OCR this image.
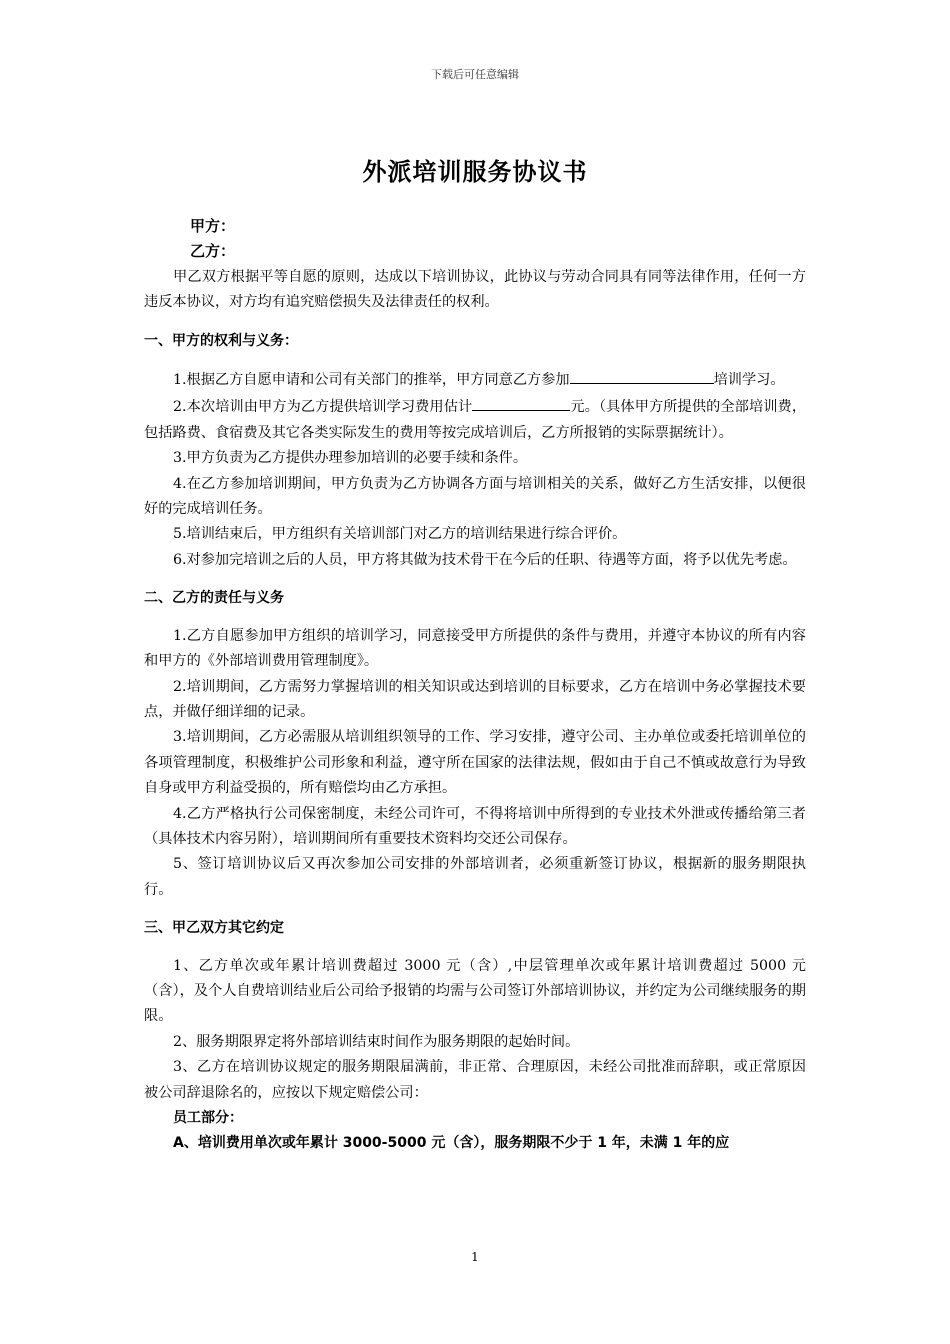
下载后可任意编辑
外派培训服务协议书
甲方：
乙方：

甲乙双方根据平等自愿的原则，达成以下培训协议，此协议与劳动合同具有同等法律作用，任何一方违反本协议，对方均有追究赔偿损失及法律责任的权利。

一、甲方的权利与义务：

1.根据乙方自愿申请和公司有关部门的推举，甲方同意乙方参加	培训学习。

2.本次培训由甲方为乙方提供培训学习费用估计	元。（具体甲方所提供的全部培训费，包括路费、食宿费及其它各类实际发生的费用等按完成培训后，乙方所报销的实际票据统计）。

3.甲方负责为乙方提供办理参加培训的必要手续和条件。

4.在乙方参加培训期间，甲方负责为乙方协调各方面与培训相关的关系，做好乙方生活安排，以便很好的完成培训任务。

5.培训结束后，甲方组织有关培训部门对乙方的培训结果进行综合评价。

6.对参加完培训之后的人员，甲方将其做为技术骨干在今后的任职、待遇等方面，将予以优先考虑。

二、乙方的责任与义务

1.乙方自愿参加甲方组织的培训学习，同意接受甲方所提供的条件与费用，并遵守本协议的所有内容和甲方的《外部培训费用管理制度》。

2.培训期间，乙方需努力掌握培训的相关知识或达到培训的目标要求，乙方在培训中务必掌握技术要点，并做仔细详细的记录。

3.培训期间，乙方必需服从培训组织领导的工作、学习安排，遵守公司、主办单位或委托培训单位的各项管理制度，积极维护公司形象和利益，遵守所在国家的法律法规，假如由于自己不慎或故意行为导致自身或甲方利益受损的，所有赔偿均由乙方承担。

4.乙方严格执行公司保密制度，未经公司许可，不得将培训中所得到的专业技术外泄或传播给第三者（具体技术内容另附），培训期间所有重要技术资料均交还公司保存。

5、签订培训协议后又再次参加公司安排的外部培训者，必须重新签订协议，根据新的服务期限执行。

三、甲乙双方其它约定

1、乙方单次或年累计培训费超过 3000 元（含）,中层管理单次或年累计培训费超过 5000 元（含），及个人自费培训结业后公司给予报销的均需与公司签订外部培训协议，并约定为公司继续服务的期限。

2、服务期限界定将外部培训结束时间作为服务期限的起始时间。

3、乙方在培训协议规定的服务期限届满前，非正常、合理原因，未经公司批准而辞职，或正常原因被公司辞退除名的，应按以下规定赔偿公司：

员工部分：
A、培训费用单次或年累计 3000-5000 元（含），服务期限不少于 1 年，未满 1 年的应
1
